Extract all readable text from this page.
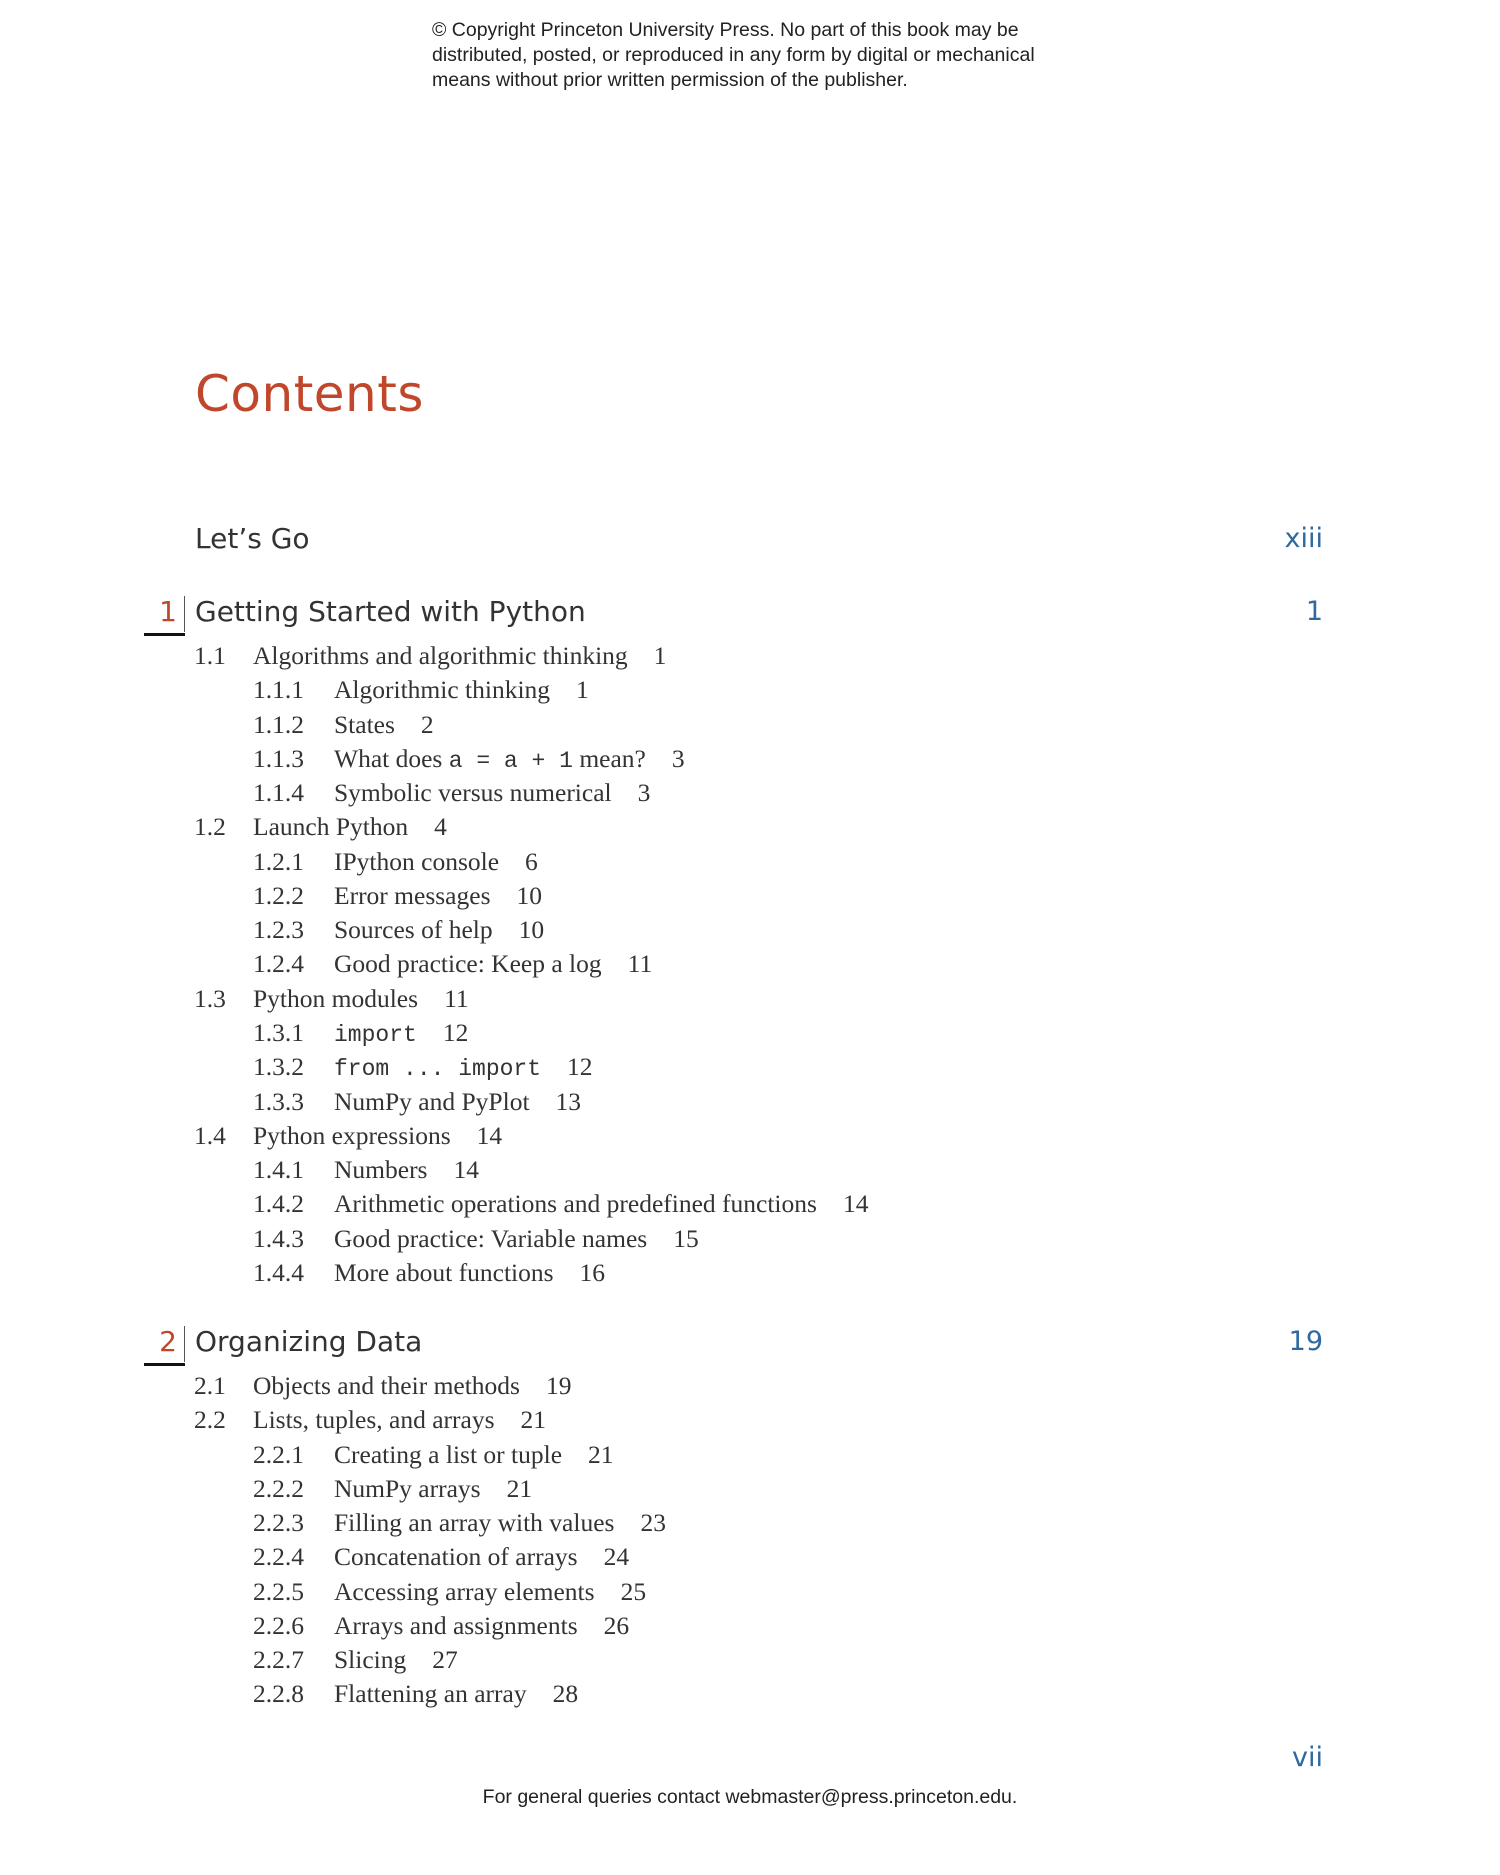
© Copyright Princeton University Press. No part of this book may be
distributed, posted, or reproduced in any form by digital or mechanical
means without prior written permission of the publisher.
Contents
Let’s Go	xiii
1 Getting Started with Python	1
1.1 Algorithms and algorithmic thinking 1
1.1.1 Algorithmic thinking 1
1.1.2 States 2
1.1.3 What does a = a + 1 mean? 3
1.1.4 Symbolic versus numerical 3
1.2 Launch Python 4
1.2.1 IPython console 6
1.2.2 Error messages 10
1.2.3 Sources of help 10
1.2.4 Good practice: Keep a log 11
1.3 Python modules 11
1.3.1 import 12
1.3.2 from ... import 12
1.3.3 NumPy and PyPlot 13
1.4 Python expressions 14
1.4.1 Numbers 14
1.4.2 Arithmetic operations and predefined functions 14
1.4.3 Good practice: Variable names 15
1.4.4 More about functions 16
2 Organizing Data	19
2.1 Objects and their methods 19
2.2 Lists, tuples, and arrays 21
2.2.1 Creating a list or tuple 21
2.2.2 NumPy arrays 21
2.2.3 Filling an array with values 23
2.2.4 Concatenation of arrays 24
2.2.5 Accessing array elements 25
2.2.6 Arrays and assignments 26
2.2.7 Slicing 27
2.2.8 Flattening an array 28
vii
For general queries contact webmaster@press.princeton.edu.
